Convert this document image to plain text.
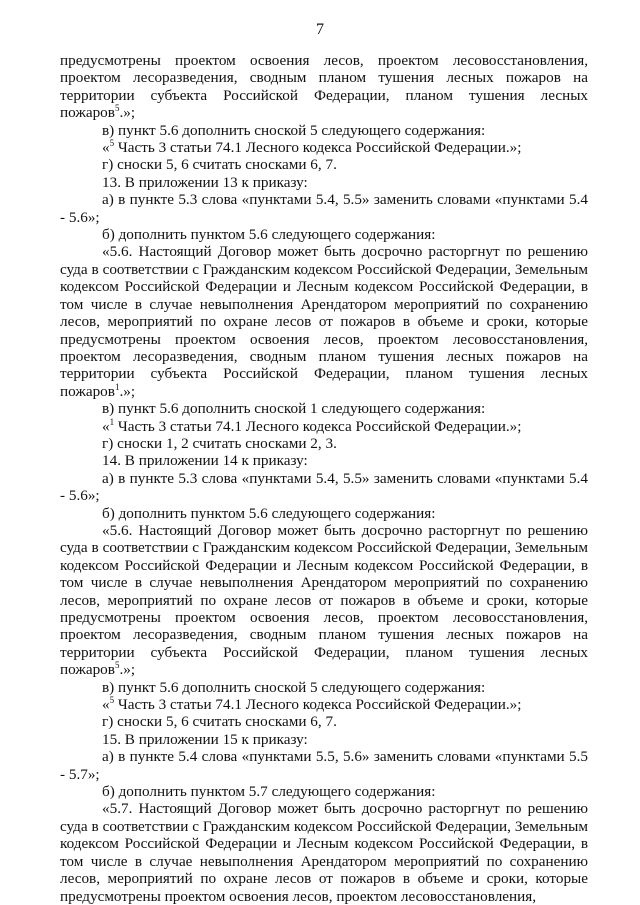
7

предусмотрены проектом освоения лесов, проектом лесовосстановления, проектом лесоразведения, сводным планом тушения лесных пожаров на территории субъекта Российской Федерации, планом тушения лесных пожаров$^5$.»;

в) пункт 5.6 дополнить сноской 5 следующего содержания:

«$^5$ Часть 3 статьи 74.1 Лесного кодекса Российской Федерации.»;

г) сноски 5, 6 считать сносками 6, 7.

13. В приложении 13 к приказу:

а) в пункте 5.3 слова «пунктами 5.4, 5.5» заменить словами «пунктами 5.4 - 5.6»;

б) дополнить пунктом 5.6 следующего содержания:

«5.6. Настоящий Договор может быть досрочно расторгнут по решению суда в соответствии с Гражданским кодексом Российской Федерации, Земельным кодексом Российской Федерации и Лесным кодексом Российской Федерации, в том числе в случае невыполнения Арендатором мероприятий по сохранению лесов, мероприятий по охране лесов от пожаров в объеме и сроки, которые предусмотрены проектом освоения лесов, проектом лесовосстановления, проектом лесоразведения, сводным планом тушения лесных пожаров на территории субъекта Российской Федерации, планом тушения лесных пожаров$^1$.»;

в) пункт 5.6 дополнить сноской 1 следующего содержания:

«$^1$ Часть 3 статьи 74.1 Лесного кодекса Российской Федерации.»;

г) сноски 1, 2 считать сносками 2, 3.

14. В приложении 14 к приказу:

а) в пункте 5.3 слова «пунктами 5.4, 5.5» заменить словами «пунктами 5.4 - 5.6»;

б) дополнить пунктом 5.6 следующего содержания:

«5.6. Настоящий Договор может быть досрочно расторгнут по решению суда в соответствии с Гражданским кодексом Российской Федерации, Земельным кодексом Российской Федерации и Лесным кодексом Российской Федерации, в том числе в случае невыполнения Арендатором мероприятий по сохранению лесов, мероприятий по охране лесов от пожаров в объеме и сроки, которые предусмотрены проектом освоения лесов, проектом лесовосстановления, проектом лесоразведения, сводным планом тушения лесных пожаров на территории субъекта Российской Федерации, планом тушения лесных пожаров$^5$.»;

в) пункт 5.6 дополнить сноской 5 следующего содержания:

«$^5$ Часть 3 статьи 74.1 Лесного кодекса Российской Федерации.»;

г) сноски 5, 6 считать сносками 6, 7.

15. В приложении 15 к приказу:

а) в пункте 5.4 слова «пунктами 5.5, 5.6» заменить словами «пунктами 5.5 - 5.7»;

б) дополнить пунктом 5.7 следующего содержания:

«5.7. Настоящий Договор может быть досрочно расторгнут по решению суда в соответствии с Гражданским кодексом Российской Федерации, Земельным кодексом Российской Федерации и Лесным кодексом Российской Федерации, в том числе в случае невыполнения Арендатором мероприятий по сохранению лесов, мероприятий по охране лесов от пожаров в объеме и сроки, которые предусмотрены проектом освоения лесов, проектом лесовосстановления,
